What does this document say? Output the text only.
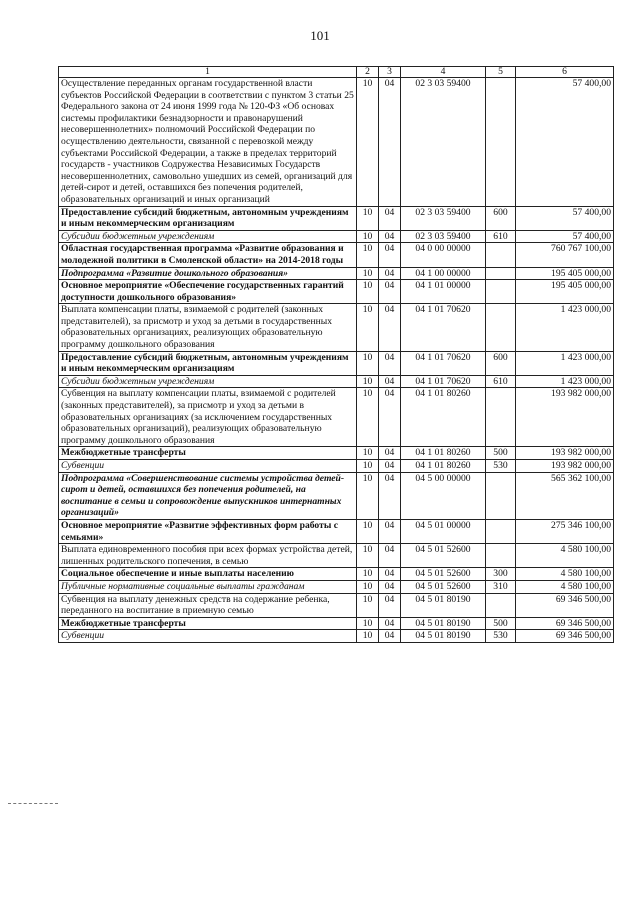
101
1	2	3	4	5	6
Осуществление переданных органам государственной власти субъектов Российской Федерации в соответствии с пунктом 3 статьи 25 Федерального закона от 24 июня 1999 года № 120-ФЗ «Об основах системы профилактики безнадзорности и правонарушений несовершеннолетних» полномочий Российской Федерации по осуществлению деятельности, связанной с перевозкой между субъектами Российской Федерации, а также в пределах территорий государств - участников Содружества Независимых Государств несовершеннолетних, самовольно ушедших из семей, организаций для детей-сирот и детей, оставшихся без попечения родителей, образовательных организаций и иных организаций	10	04	02 3 03 59400		57 400,00
Предоставление субсидий бюджетным, автономным учреждениям и иным некоммерческим организациям	10	04	02 3 03 59400	600	57 400,00
Субсидии бюджетным учреждениям	10	04	02 3 03 59400	610	57 400,00
Областная государственная программа «Развитие образования и молодежной политики в Смоленской области» на 2014-2018 годы	10	04	04 0 00 00000		760 767 100,00
Подпрограмма «Развитие дошкольного образования»	10	04	04 1 00 00000		195 405 000,00
Основное мероприятие «Обеспечение государственных гарантий доступности дошкольного образования»	10	04	04 1 01 00000		195 405 000,00
Выплата компенсации платы, взимаемой с родителей (законных представителей), за присмотр и уход за детьми в государственных образовательных организациях, реализующих образовательную программу дошкольного образования	10	04	04 1 01 70620		1 423 000,00
Предоставление субсидий бюджетным, автономным учреждениям и иным некоммерческим организациям	10	04	04 1 01 70620	600	1 423 000,00
Субсидии бюджетным учреждениям	10	04	04 1 01 70620	610	1 423 000,00
Субвенция на выплату компенсации платы, взимаемой с родителей (законных представителей), за присмотр и уход за детьми в образовательных организациях (за исключением государственных образовательных организаций), реализующих образовательную программу дошкольного образования	10	04	04 1 01 80260		193 982 000,00
Межбюджетные трансферты	10	04	04 1 01 80260	500	193 982 000,00
Субвенции	10	04	04 1 01 80260	530	193 982 000,00
Подпрограмма «Совершенствование системы устройства детей-сирот и детей, оставшихся без попечения родителей, на воспитание в семьи и сопровождение выпускников интернатных организаций»	10	04	04 5 00 00000		565 362 100,00
Основное мероприятие «Развитие эффективных форм работы с семьями»	10	04	04 5 01 00000		275 346 100,00
Выплата единовременного пособия при всех формах устройства детей, лишенных родительского попечения, в семью	10	04	04 5 01 52600		4 580 100,00
Социальное обеспечение и иные выплаты населению	10	04	04 5 01 52600	300	4 580 100,00
Публичные нормативные социальные выплаты гражданам	10	04	04 5 01 52600	310	4 580 100,00
Субвенция на выплату денежных средств на содержание ребенка, переданного на воспитание в приемную семью	10	04	04 5 01 80190		69 346 500,00
Межбюджетные трансферты	10	04	04 5 01 80190	500	69 346 500,00
Субвенции	10	04	04 5 01 80190	530	69 346 500,00
